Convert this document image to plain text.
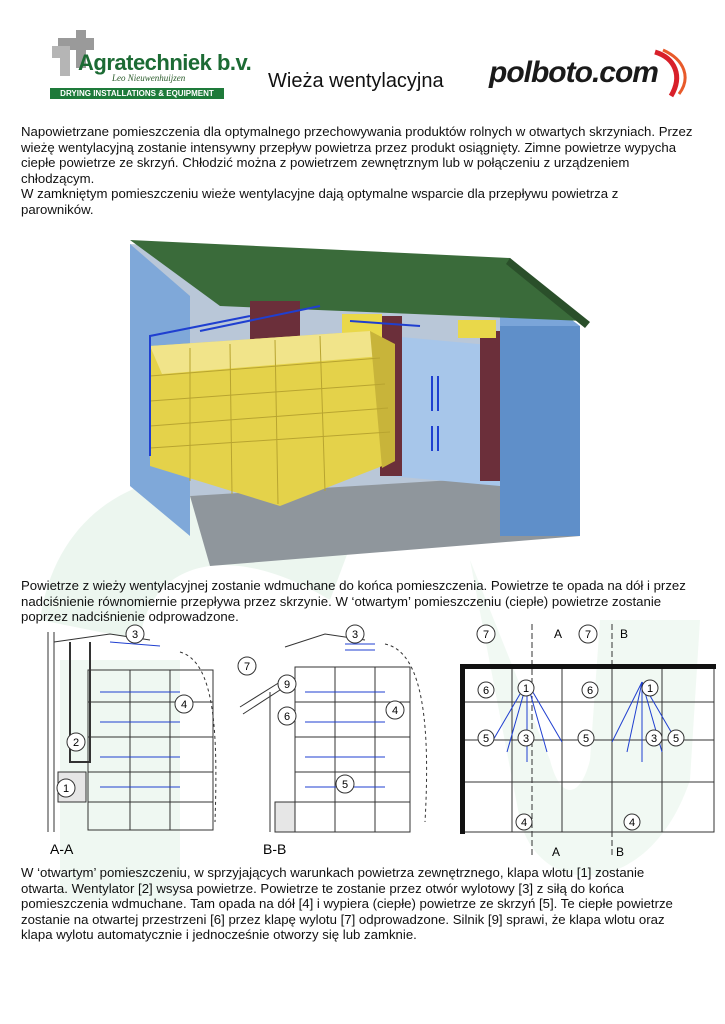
Agratechniek b.v.
Leo Nieuwenhuijzen
DRYING INSTALLATIONS & EQUIPMENT
Wieża wentylacyjna polboto.com

Napowietrzane pomieszczenia dla optymalnego przechowywania produktów rolnych w otwartych skrzyniach. Przez
wieżę wentylacyjną zostanie intensywny przepływ powietrza przez produkt osiągnięty. Zimne powietrze wypycha
ciepłe powietrze ze skrzyń. Chłodzić można z powietrzem zewnętrznym lub w połączeniu z urządzeniem
chłodzącym.
W zamkniętym pomieszczeniu wieże wentylacyjne dają optymalne wsparcie dla przepływu powietrza z
parowników.

Powietrze z wieży wentylacyjnej zostanie wdmuchane do końca pomieszczenia. Powietrze te opada na dół i przez
nadciśnienie równomiernie przepływa przez skrzynie. W ‘otwartym’ pomieszczeniu (ciepłe) powietrze zostanie
poprzez nadciśnienie odprowadzone.

3
4
2
1
A-A
7
3
9
6	4
5
B-B
7	A 7 B
6	1	6	1
5	3	5	3 5
4	4
A	B

W ‘otwartym’ pomieszczeniu, w sprzyjających warunkach powietrza zewnętrznego, klapa wlotu [1] zostanie
otwarta. Wentylator [2] wsysa powietrze. Powietrze te zostanie przez otwór wylotowy [3] z siłą do końca
pomieszczenia wdmuchane. Tam opada na dół [4] i wypiera (ciepłe) powietrze ze skrzyń [5]. Te ciepłe powietrze
zostanie na otwartej przestrzeni [6] przez klapę wylotu [7] odprowadzone. Silnik [9] sprawi, że klapa wlotu oraz
klapa wylotu automatycznie i jednocześnie otworzy się lub zamknie.
